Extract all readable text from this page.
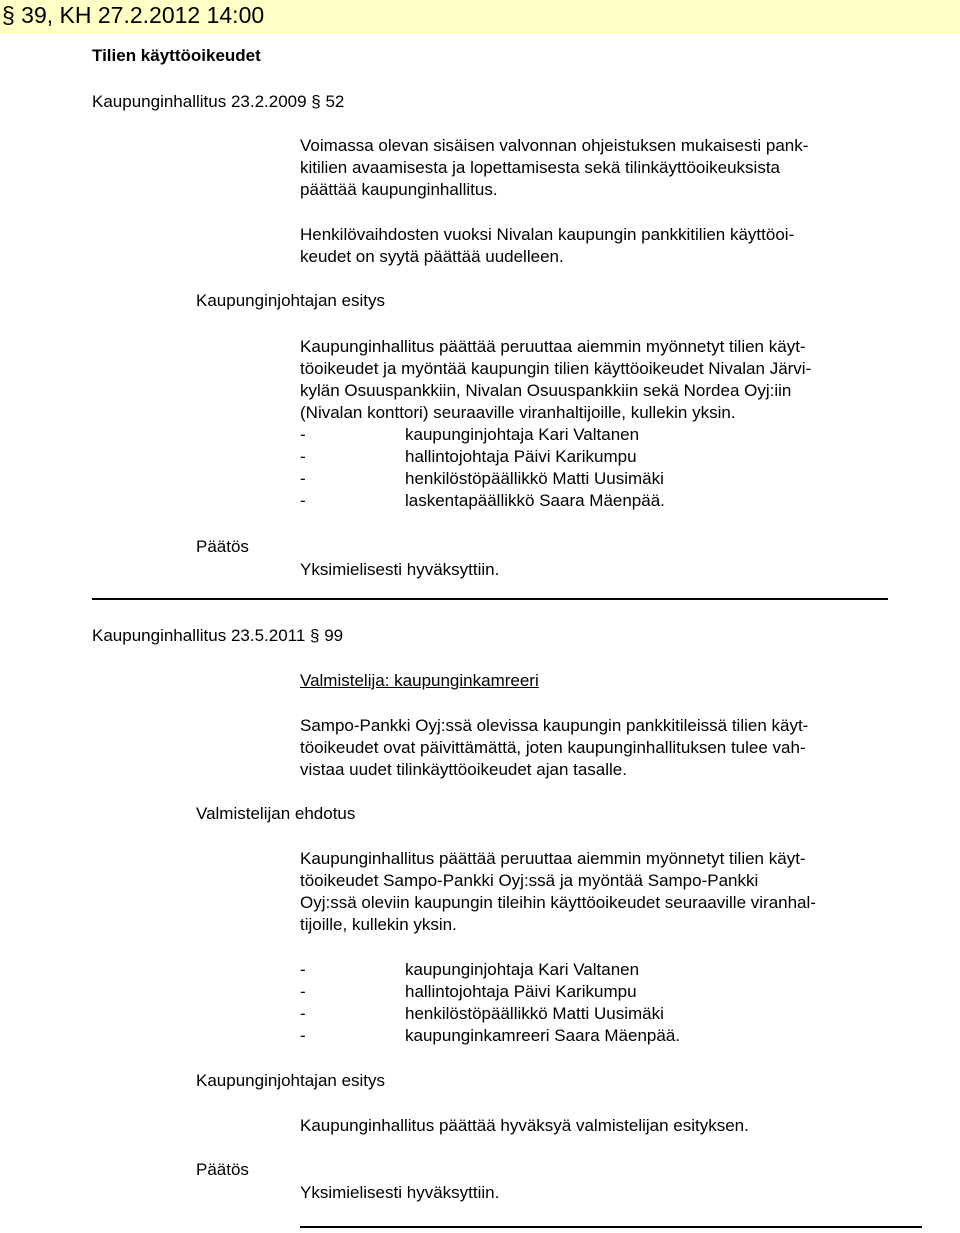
§ 39, KH 27.2.2012 14:00
Tilien käyttöoikeudet
Kaupunginhallitus 23.2.2009 § 52

Voimassa olevan sisäisen valvonnan ohjeistuksen mukaisesti pank-
kitilien avaamisesta ja lopettamisesta sekä tilinkäyttöoikeuksista
päättää kaupunginhallitus.

Henkilövaihdosten vuoksi Nivalan kaupungin pankkitilien käyttöoi-
keudet on syytä päättää uudelleen.

Kaupunginjohtajan esitys

Kaupunginhallitus päättää peruuttaa aiemmin myönnetyt tilien käyt-
töoikeudet ja myöntää kaupungin tilien käyttöoikeudet Nivalan Järvi-
kylän Osuuspankkiin, Nivalan Osuuspankkiin sekä Nordea Oyj:iin
(Nivalan konttori) seuraaville viranhaltijoille, kullekin yksin.

-	kaupunginjohtaja Kari Valtanen
-	hallintojohtaja Päivi Karikumpu
-	henkilöstöpäällikkö Matti Uusimäki
-	laskentapäällikkö Saara Mäenpää.
Päätös
Yksimielisesti hyväksyttiin.
Kaupunginhallitus 23.5.2011 § 99
Valmistelija: kaupunginkamreeri

Sampo-Pankki Oyj:ssä olevissa kaupungin pankkitileissä tilien käyt-
töoikeudet ovat päivittämättä, joten kaupunginhallituksen tulee vah-
vistaa uudet tilinkäyttöoikeudet ajan tasalle.

Valmistelijan ehdotus

Kaupunginhallitus päättää peruuttaa aiemmin myönnetyt tilien käyt-
töoikeudet Sampo-Pankki Oyj:ssä ja myöntää Sampo-Pankki
Oyj:ssä oleviin kaupungin tileihin käyttöoikeudet seuraaville viranhal-
tijoille, kullekin yksin.

-	kaupunginjohtaja Kari Valtanen
-	hallintojohtaja Päivi Karikumpu
-	henkilöstöpäällikkö Matti Uusimäki
-	kaupunginkamreeri Saara Mäenpää.
Kaupunginjohtajan esitys
Kaupunginhallitus päättää hyväksyä valmistelijan esityksen.
Päätös
Yksimielisesti hyväksyttiin.
